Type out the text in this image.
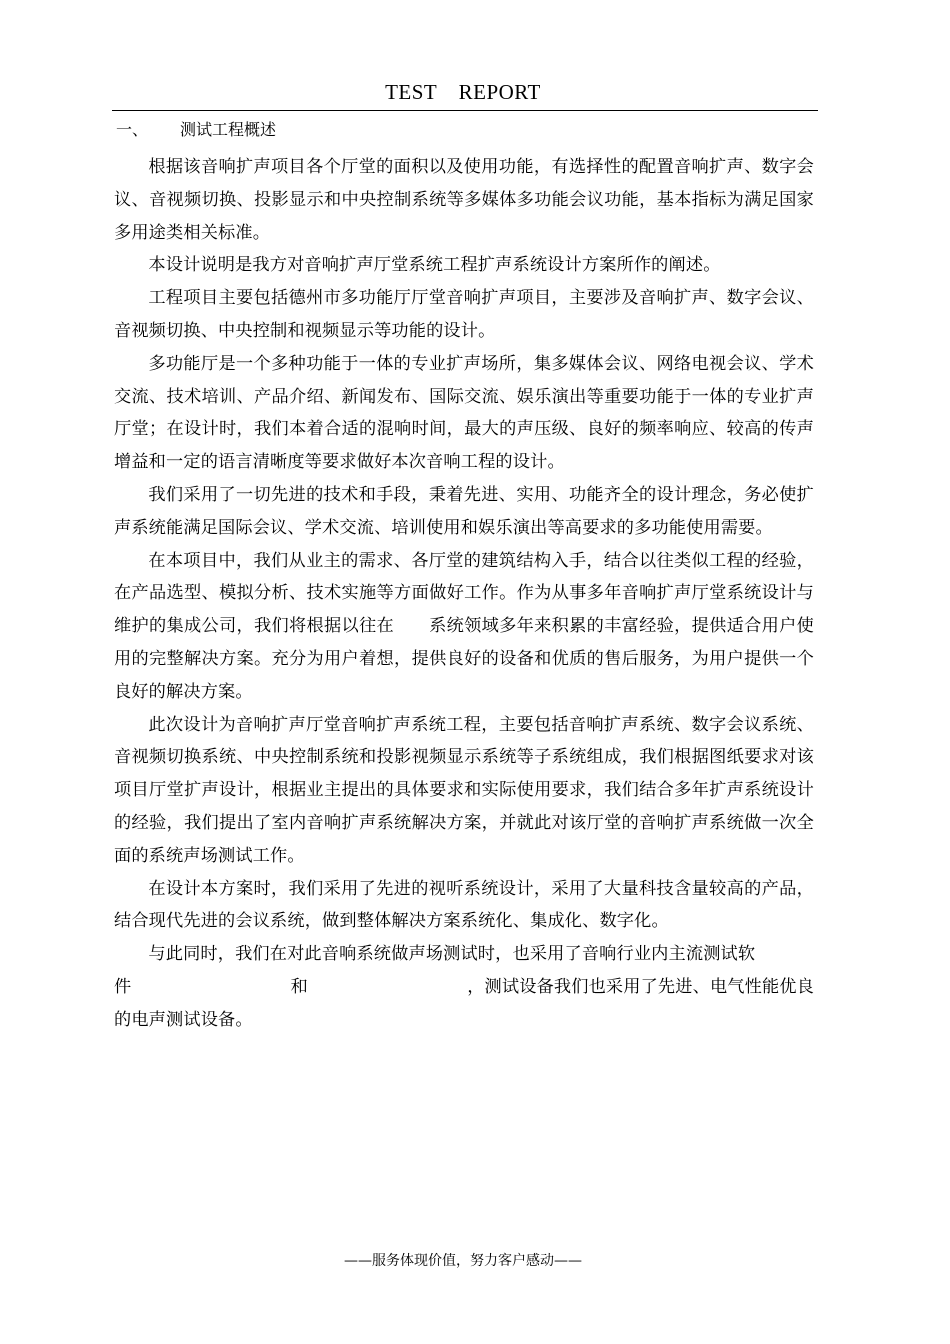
TEST REPORT
一、 测试工程概述

根据该音响扩声项目各个厅堂的面积以及使用功能，有选择性的配置音响扩声、数字会议、音视频切换、投影显示和中央控制系统等多媒体多功能会议功能，基本指标为满足国家多用途类相关标准。

本设计说明是我方对音响扩声厅堂系统工程扩声系统设计方案所作的阐述。

工程项目主要包括德州市多功能厅厅堂音响扩声项目，主要涉及音响扩声、数字会议、音视频切换、中央控制和视频显示等功能的设计。

多功能厅是一个多种功能于一体的专业扩声场所，集多媒体会议、网络电视会议、学术交流、技术培训、产品介绍、新闻发布、国际交流、娱乐演出等重要功能于一体的专业扩声厅堂；在设计时，我们本着合适的混响时间，最大的声压级、良好的频率响应、较高的传声增益和一定的语言清晰度等要求做好本次音响工程的设计。

我们采用了一切先进的技术和手段，秉着先进、实用、功能齐全的设计理念，务必使扩声系统能满足国际会议、学术交流、培训使用和娱乐演出等高要求的多功能使用需要。

在本项目中，我们从业主的需求、各厅堂的建筑结构入手，结合以往类似工程的经验，在产品选型、模拟分析、技术实施等方面做好工作。作为从事多年音响扩声厅堂系统设计与维护的集成公司，我们将根据以往在　　系统领域多年来积累的丰富经验，提供适合用户使用的完整解决方案。充分为用户着想，提供良好的设备和优质的售后服务，为用户提供一个良好的解决方案。

此次设计为音响扩声厅堂音响扩声系统工程，主要包括音响扩声系统、数字会议系统、音视频切换系统、中央控制系统和投影视频显示系统等子系统组成，我们根据图纸要求对该项目厅堂扩声设计，根据业主提出的具体要求和实际使用要求，我们结合多年扩声系统设计的经验，我们提出了室内音响扩声系统解决方案，并就此对该厅堂的音响扩声系统做一次全面的系统声场测试工作。

在设计本方案时，我们采用了先进的视听系统设计，采用了大量科技含量较高的产品，结合现代先进的会议系统，做到整体解决方案系统化、集成化、数字化。

与此同时，我们在对此音响系统做声场测试时，也采用了音响行业内主流测试软

件	和	，测试设备我们也采用了先进、电气性能优良

的电声测试设备。

——服务体现价值，努力客户感动——
